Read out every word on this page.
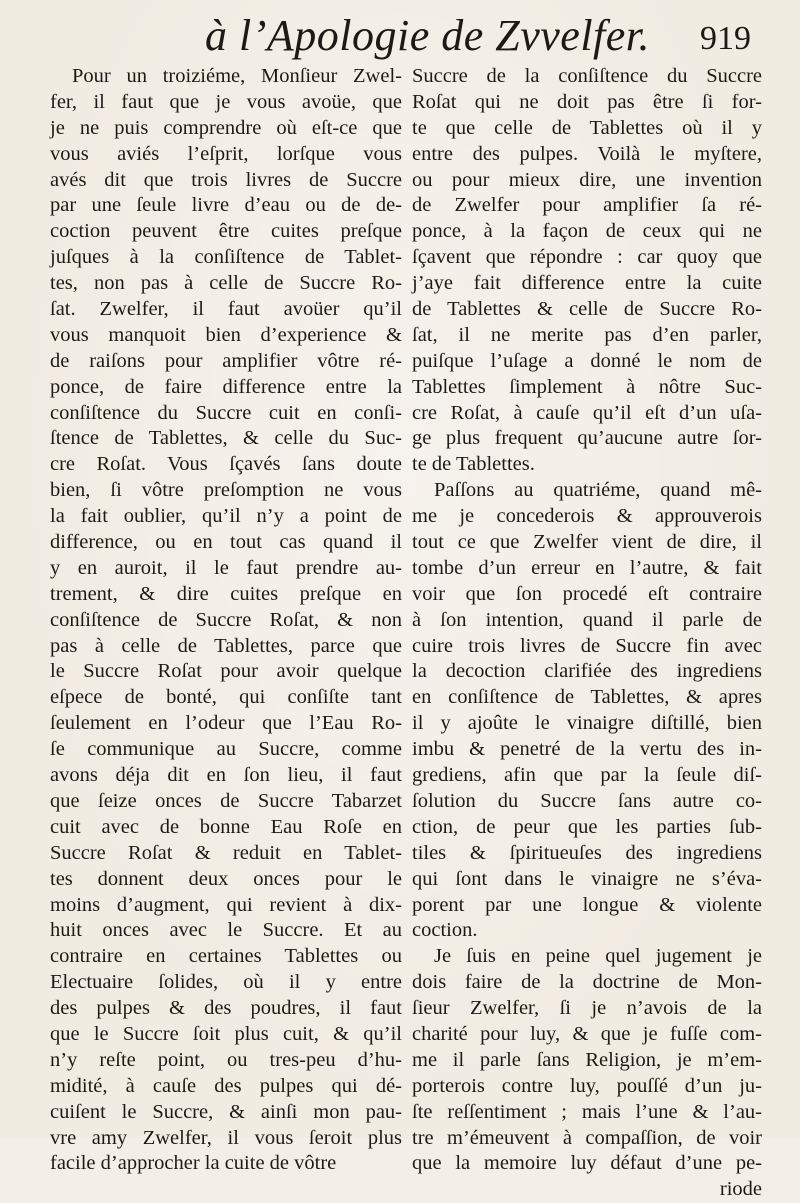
à l’Apologie de Zvvelfer. 919
Pour un troiziéme, Monſieur Zwel-
fer, il faut que je vous avoüe, que
je ne puis comprendre où eſt-ce que
vous aviés l’eſprit, lorſque vous
avés dit que trois livres de Succre
par une ſeule livre d’eau ou de de-
coction peuvent être cuites preſque
juſques à la conſiſtence de Tablet-
tes, non pas à celle de Succre Ro-
ſat. Zwelfer, il faut avoüer qu’il
vous manquoit bien d’experience &
de raiſons pour amplifier vôtre ré-
ponce, de faire difference entre la
conſiſtence du Succre cuit en conſi-
ſtence de Tablettes, & celle du Suc-
cre Roſat. Vous ſçavés ſans doute
bien, ſi vôtre preſomption ne vous
la fait oublier, qu’il n’y a point de
difference, ou en tout cas quand il
y en auroit, il le faut prendre au-
trement, & dire cuites preſque en
conſiſtence de Succre Roſat, & non
pas à celle de Tablettes, parce que
le Succre Roſat pour avoir quelque
eſpece de bonté, qui conſiſte tant
ſeulement en l’odeur que l’Eau Ro-
ſe communique au Succre, comme
avons déja dit en ſon lieu, il faut
que ſeize onces de Succre Tabarzet
cuit avec de bonne Eau Roſe en
Succre Roſat & reduit en Tablet-
tes donnent deux onces pour le
moins d’augment, qui revient à dix-
huit onces avec le Succre. Et au
contraire en certaines Tablettes ou
Electuaire ſolides, où il y entre
des pulpes & des poudres, il faut
que le Succre ſoit plus cuit, & qu’il
n’y reſte point, ou tres-peu d’hu-
midité, à cauſe des pulpes qui dé-
cuiſent le Succre, & ainſi mon pau-
vre amy Zwelfer, il vous ſeroit plus
facile d’approcher la cuite de vôtre
Succre de la conſiſtence du Succre
Roſat qui ne doit pas être ſi for-
te que celle de Tablettes où il y
entre des pulpes. Voilà le myſtere,
ou pour mieux dire, une invention
de Zwelfer pour amplifier ſa ré-
ponce, à la façon de ceux qui ne
ſçavent que répondre : car quoy que
j’aye fait difference entre la cuite
de Tablettes & celle de Succre Ro-
ſat, il ne merite pas d’en parler,
puiſque l’uſage a donné le nom de
Tablettes ſimplement à nôtre Suc-
cre Roſat, à cauſe qu’il eſt d’un uſa-
ge plus frequent qu’aucune autre ſor-
te de Tablettes.
Paſſons au quatriéme, quand mê-
me je concederois & approuverois
tout ce que Zwelfer vient de dire, il
tombe d’un erreur en l’autre, & fait
voir que ſon procedé eſt contraire
à ſon intention, quand il parle de
cuire trois livres de Succre fin avec
la decoction clarifiée des ingrediens
en conſiſtence de Tablettes, & apres
il y ajoûte le vinaigre diſtillé, bien
imbu & penetré de la vertu des in-
grediens, afin que par la ſeule diſ-
ſolution du Succre ſans autre co-
ction, de peur que les parties ſub-
tiles & ſpiritueuſes des ingrediens
qui ſont dans le vinaigre ne s’éva-
porent par une longue & violente
coction.
Je ſuis en peine quel jugement je
dois faire de la doctrine de Mon-
ſieur Zwelfer, ſi je n’avois de la
charité pour luy, & que je fuſſe com-
me il parle ſans Religion, je m’em-
porterois contre luy, pouſſé d’un ju-
ſte reſſentiment ; mais l’une & l’au-
tre m’émeuvent à compaſſion, de voir
que la memoire luy défaut d’une pe-
riode
